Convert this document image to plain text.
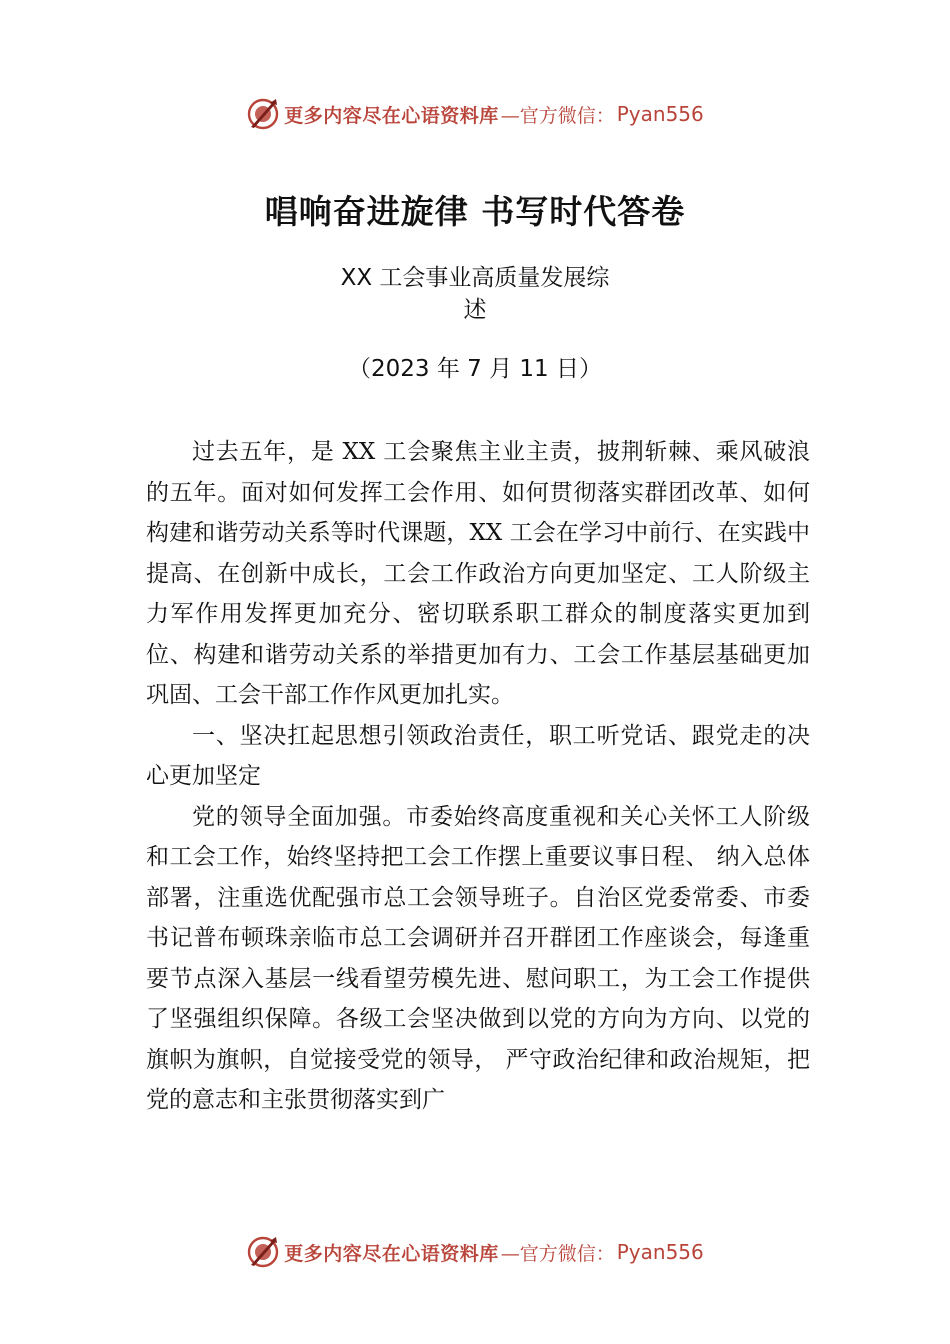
更多内容尽在心语资料库 —官方微信： Pyan556
唱响奋进旋律 书写时代答卷
XX 工会事业高质量发展综
述
（2023 年 7 月 11 日）

过去五年，是 XX 工会聚焦主业主责，披荆斩棘、乘风破浪的五年。面对如何发挥工会作用、如何贯彻落实群团改革、如何构建和谐劳动关系等时代课题，XX 工会在学习中前行、在实践中提高、在创新中成长，工会工作政治方向更加坚定、工人阶级主力军作用发挥更加充分、密切联系职工群众的制度落实更加到位、构建和谐劳动关系的举措更加有力、工会工作基层基础更加巩固、工会干部工作作风更加扎实。

一、坚决扛起思想引领政治责任，职工听党话、跟党走的决心更加坚定

党的领导全面加强。市委始终高度重视和关心关怀工人阶级和工会工作，始终坚持把工会工作摆上重要议事日程、 纳入总体部署，注重选优配强市总工会领导班子。自治区党委常委、市委书记普布顿珠亲临市总工会调研并召开群团工作座谈会，每逢重要节点深入基层一线看望劳模先进、慰问职工，为工会工作提供了坚强组织保障。各级工会坚决做到以党的方向为方向、以党的旗帜为旗帜，自觉接受党的领导， 严守政治纪律和政治规矩，把党的意志和主张贯彻落实到广

更多内容尽在心语资料库 —官方微信： Pyan556
